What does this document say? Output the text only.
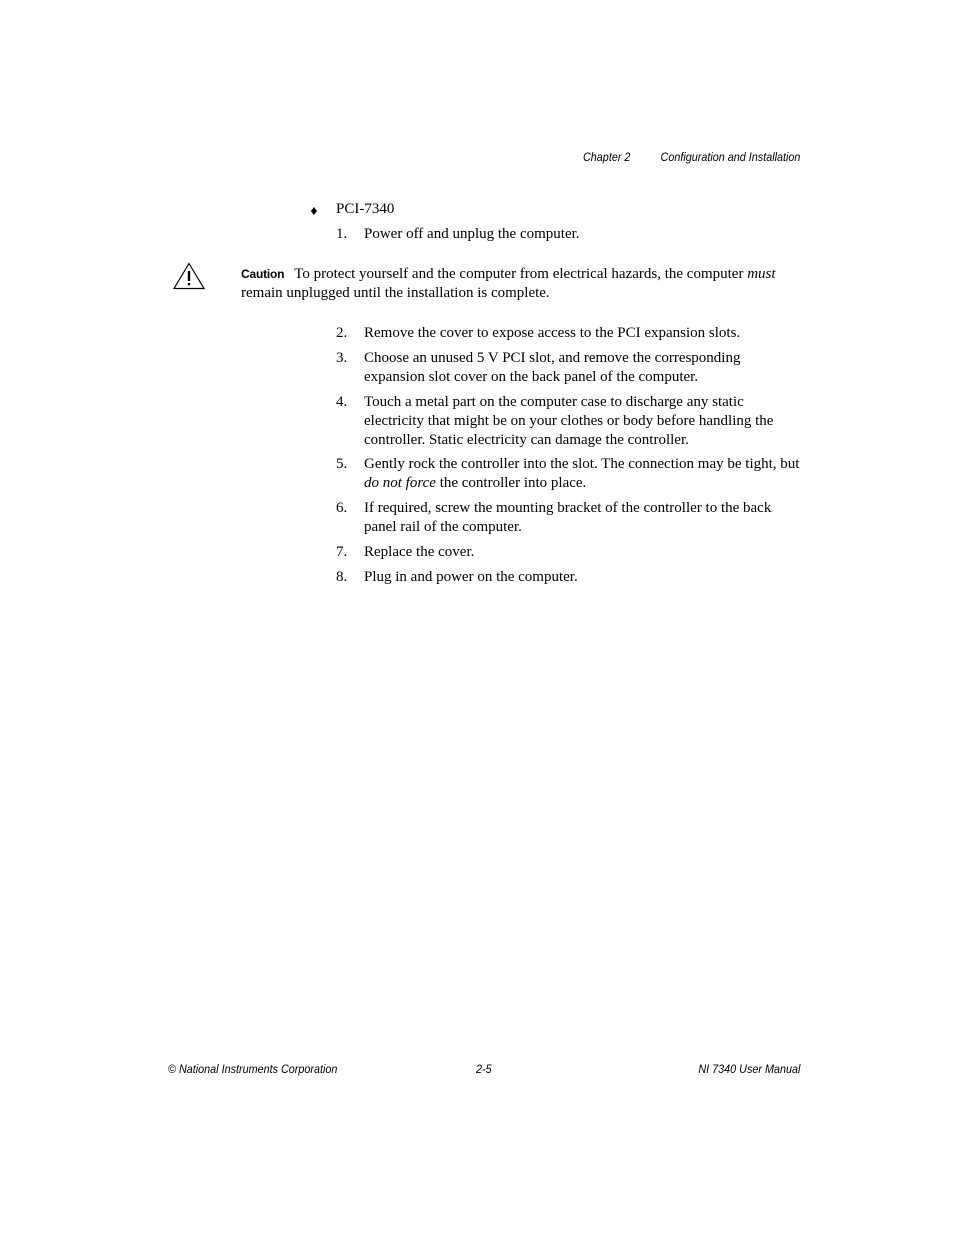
Chapter 2 Configuration and Installation
♦ PCI-7340
1.	Power off and unplug the computer.
Caution To protect yourself and the computer from electrical hazards, the computer must remain unplugged until the installation is complete.
2.	Remove the cover to expose access to the PCI expansion slots.
3.	Choose an unused 5 V PCI slot, and remove the corresponding expansion slot cover on the back panel of the computer.
4.	Touch a metal part on the computer case to discharge any static electricity that might be on your clothes or body before handling the controller. Static electricity can damage the controller.
5.	Gently rock the controller into the slot. The connection may be tight, but do not force the controller into place.
6.	If required, screw the mounting bracket of the controller to the back panel rail of the computer.
7.	Replace the cover.
8.	Plug in and power on the computer.
© National Instruments Corporation	2-5	NI 7340 User Manual
